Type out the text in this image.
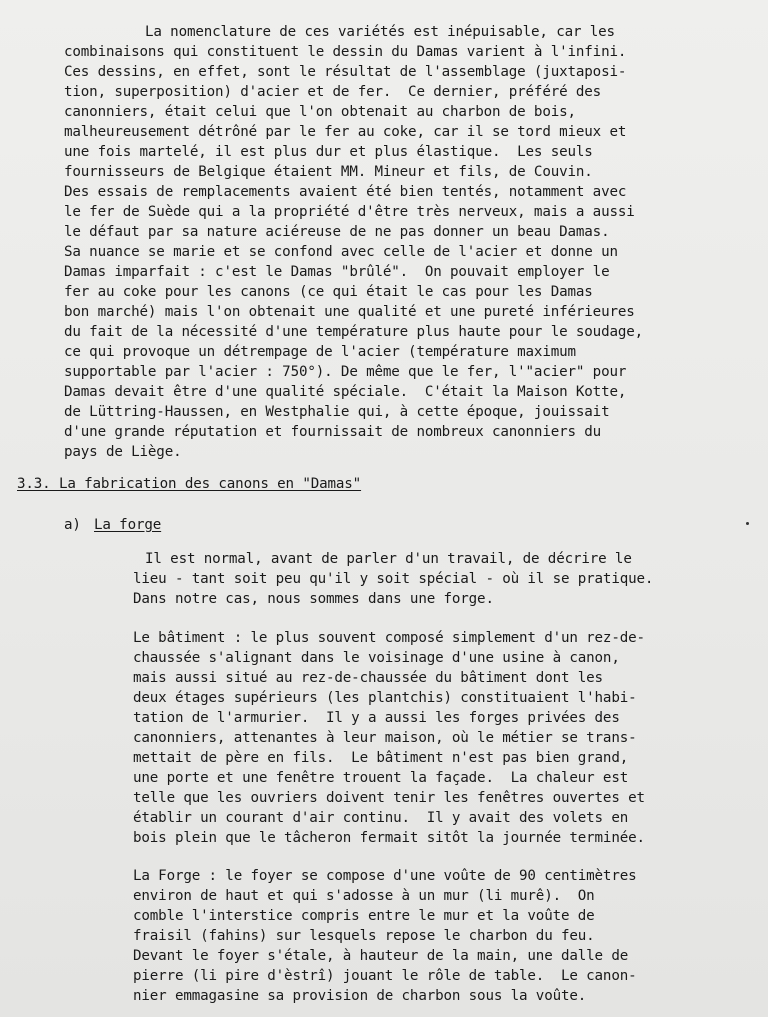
La nomenclature de ces variétés est inépuisable, car les
combinaisons qui constituent le dessin du Damas varient à l'infini.
Ces dessins, en effet, sont le résultat de l'assemblage (juxtaposi-
tion, superposition) d'acier et de fer.  Ce dernier, préféré des
canonniers, était celui que l'on obtenait au charbon de bois,
malheureusement détrôné par le fer au coke, car il se tord mieux et
une fois martelé, il est plus dur et plus élastique.  Les seuls
fournisseurs de Belgique étaient MM. Mineur et fils, de Couvin.
Des essais de remplacements avaient été bien tentés, notamment avec
le fer de Suède qui a la propriété d'être très nerveux, mais a aussi
le défaut par sa nature aciéreuse de ne pas donner un beau Damas.
Sa nuance se marie et se confond avec celle de l'acier et donne un
Damas imparfait : c'est le Damas "brûlé".  On pouvait employer le
fer au coke pour les canons (ce qui était le cas pour les Damas
bon marché) mais l'on obtenait une qualité et une pureté inférieures
du fait de la nécessité d'une température plus haute pour le soudage,
ce qui provoque un détrempage de l'acier (température maximum
supportable par l'acier : 750°). De même que le fer, l'"acier" pour
Damas devait être d'une qualité spéciale.  C'était la Maison Kotte,
de Lüttring-Haussen, en Westphalie qui, à cette époque, jouissait
d'une grande réputation et fournissait de nombreux canonniers du
pays de Liège.
3.3. La fabrication des canons en "Damas"
a) La forge
Il est normal, avant de parler d'un travail, de décrire le
lieu - tant soit peu qu'il y soit spécial - où il se pratique.
Dans notre cas, nous sommes dans une forge.
Le bâtiment : le plus souvent composé simplement d'un rez-de-
chaussée s'alignant dans le voisinage d'une usine à canon,
mais aussi situé au rez-de-chaussée du bâtiment dont les
deux étages supérieurs (les plantchis) constituaient l'habi-
tation de l'armurier.  Il y a aussi les forges privées des
canonniers, attenantes à leur maison, où le métier se trans-
mettait de père en fils.  Le bâtiment n'est pas bien grand,
une porte et une fenêtre trouent la façade.  La chaleur est
telle que les ouvriers doivent tenir les fenêtres ouvertes et
établir un courant d'air continu.  Il y avait des volets en
bois plein que le tâcheron fermait sitôt la journée terminée.
La Forge : le foyer se compose d'une voûte de 90 centimètres
environ de haut et qui s'adosse à un mur (li murê).  On
comble l'interstice compris entre le mur et la voûte de
fraisil (fahins) sur lesquels repose le charbon du feu.
Devant le foyer s'étale, à hauteur de la main, une dalle de
pierre (li pire d'èstrî) jouant le rôle de table.  Le canon-
nier emmagasine sa provision de charbon sous la voûte.
